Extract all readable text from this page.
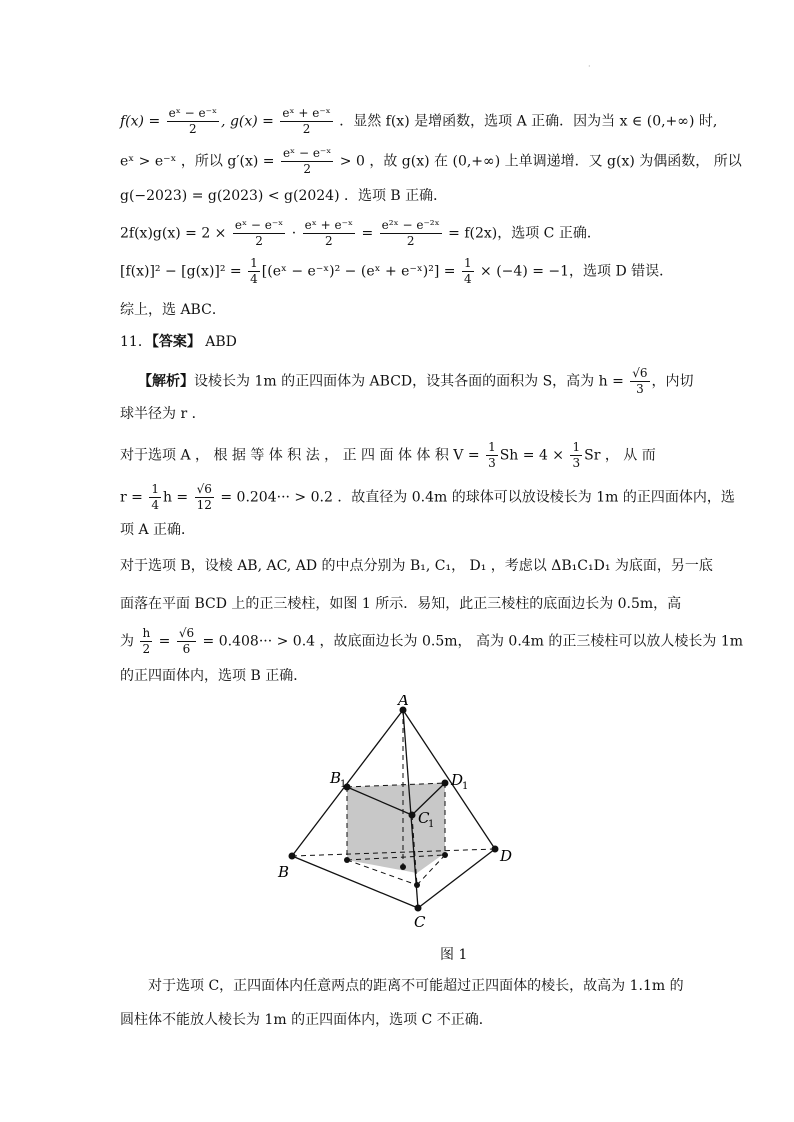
·
$f(x) = \frac{\text{eˣ − e⁻ˣ}}{2}$ , $g(x) = \frac{\text{eˣ + e⁻ˣ}}{2}$ ．显然 f(x) 是增函数，选项 A 正确．因为当 x ∈ (0,+∞) 时,
eˣ > e⁻ˣ ，所以 $g'(x) = \frac{\text{eˣ − e⁻ˣ}}{2} > 0$ ，故 g(x) 在 (0,+∞) 上单调递增．又 g(x) 为偶函数， 所以
g(−2023) = g(2023) < g(2024) ．选项 B 正确．
$2f(x)g(x) = 2 \times \frac{\text{eˣ − e⁻ˣ}}{2} \cdot \frac{\text{eˣ + e⁻ˣ}}{2} = \frac{\text{e²ˣ − e⁻²ˣ}}{2} = f(2x)$，选项 C 正确．
$[f(x)]^2 - [g(x)]^2 = \frac{1}{4}$ [(eˣ − e⁻ˣ)² − (eˣ + e⁻ˣ)²] = $\frac{1}{4} \times (-4) = -1$，选项 D 错误．
综上，选 ABC．
11．【答案】 ABD
【解析】设棱长为 1m 的正四面体为 ABCD，设其各面的面积为 S，高为 $h = \frac{√6}{3}$ ，内切
球半径为 r ．
对于选项 A ， 根 据 等 体 积 法 ， 正 四 面 体 体 积 $V = \frac{1}{3}$ $Sh = 4 \times \frac{1}{3}$ Sr ， 从 而
$r = \frac{1}{4}$ $h = \frac{√6}{12} = 0.204\cdot\cdot\cdot > 0.2$ ．故直径为 0.4m 的球体可以放设棱长为 1m 的正四面体内，选
项 A 正确．
对于选项 B，设棱 AB, AC, AD 的中点分别为 B₁, C₁， D₁ ，考虑以 ΔB₁C₁D₁ 为底面，另一底
面落在平面 BCD 上的正三棱柱，如图 1 所示．易知，此正三棱柱的底面边长为 0.5m，高
为 $\frac{h}{2} = \frac{√6}{6} = 0.408\cdot\cdot\cdot > 0.4$ ，故底面边长为 0.5m， 高为 0.4m 的正三棱柱可以放人棱长为 1m
的正四面体内，选项 B 正确．
A
B
C
D
B
1
C
1
D
1
图 1
对于选项 C，正四面体内任意两点的距离不可能超过正四面体的棱长，故高为 1.1m 的
圆柱体不能放人棱长为 1m 的正四面体内，选项 C 不正确．
